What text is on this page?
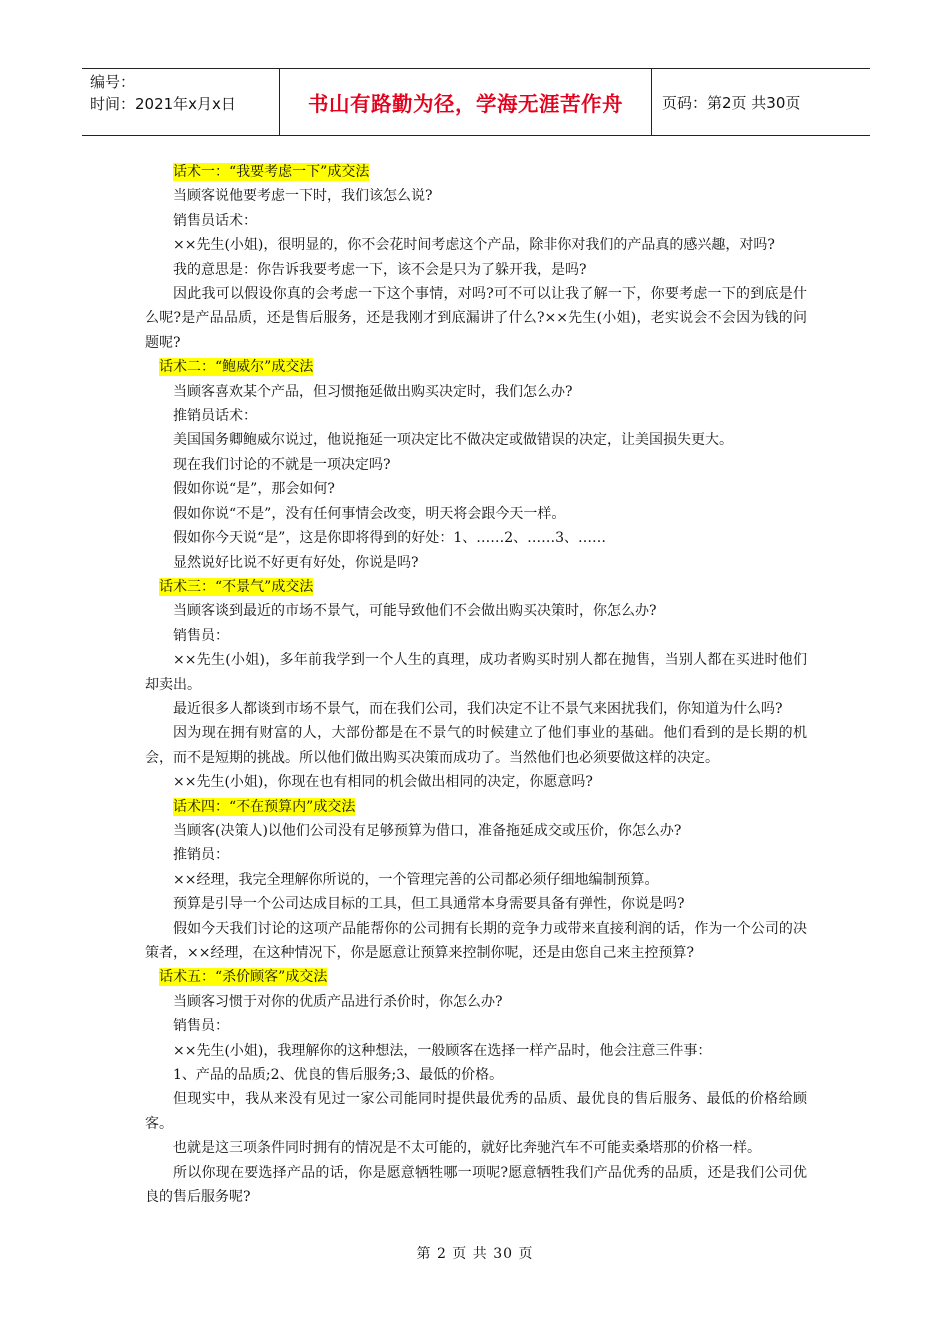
编号：
时间：2021年x月x日	书山有路勤为径，学海无涯苦作舟	页码：第2页 共30页

话术一：“我要考虑一下”成交法

当顾客说他要考虑一下时，我们该怎么说?

销售员话术：

××先生(小姐)，很明显的，你不会花时间考虑这个产品，除非你对我们的产品真的感兴趣，对吗?

我的意思是：你告诉我要考虑一下，该不会是只为了躲开我，是吗?

因此我可以假设你真的会考虑一下这个事情，对吗?可不可以让我了解一下，你要考虑一下的到底是什么呢?是产品品质，还是售后服务，还是我刚才到底漏讲了什么?××先生(小姐)，老实说会不会因为钱的问题呢?

话术二：“鲍威尔”成交法

当顾客喜欢某个产品，但习惯拖延做出购买决定时，我们怎么办?

推销员话术：

美国国务卿鲍威尔说过，他说拖延一项决定比不做决定或做错误的决定，让美国损失更大。

现在我们讨论的不就是一项决定吗?

假如你说“是”，那会如何?

假如你说“不是”，没有任何事情会改变，明天将会跟今天一样。

假如你今天说“是”，这是你即将得到的好处：1、……2、……3、……

显然说好比说不好更有好处，你说是吗?

话术三：“不景气”成交法

当顾客谈到最近的市场不景气，可能导致他们不会做出购买决策时，你怎么办?

销售员：

××先生(小姐)，多年前我学到一个人生的真理，成功者购买时别人都在抛售，当别人都在买进时他们却卖出。

最近很多人都谈到市场不景气，而在我们公司，我们决定不让不景气来困扰我们，你知道为什么吗?

因为现在拥有财富的人，大部份都是在不景气的时候建立了他们事业的基础。他们看到的是长期的机会，而不是短期的挑战。所以他们做出购买决策而成功了。当然他们也必须要做这样的决定。

××先生(小姐)，你现在也有相同的机会做出相同的决定，你愿意吗?

话术四：“不在预算内”成交法

当顾客(决策人)以他们公司没有足够预算为借口，准备拖延成交或压价，你怎么办?

推销员：

××经理，我完全理解你所说的，一个管理完善的公司都必须仔细地编制预算。

预算是引导一个公司达成目标的工具，但工具通常本身需要具备有弹性，你说是吗?

假如今天我们讨论的这项产品能帮你的公司拥有长期的竞争力或带来直接利润的话，作为一个公司的决策者，××经理，在这种情况下，你是愿意让预算来控制你呢，还是由您自己来主控预算?

话术五：“杀价顾客”成交法

当顾客习惯于对你的优质产品进行杀价时，你怎么办?

销售员：

××先生(小姐)，我理解你的这种想法，一般顾客在选择一样产品时，他会注意三件事：

1、产品的品质;2、优良的售后服务;3、最低的价格。

但现实中，我从来没有见过一家公司能同时提供最优秀的品质、最优良的售后服务、最低的价格给顾客。

也就是这三项条件同时拥有的情况是不太可能的，就好比奔驰汽车不可能卖桑塔那的价格一样。

所以你现在要选择产品的话，你是愿意牺牲哪一项呢?愿意牺牲我们产品优秀的品质，还是我们公司优良的售后服务呢?

第 2 页 共 30 页
